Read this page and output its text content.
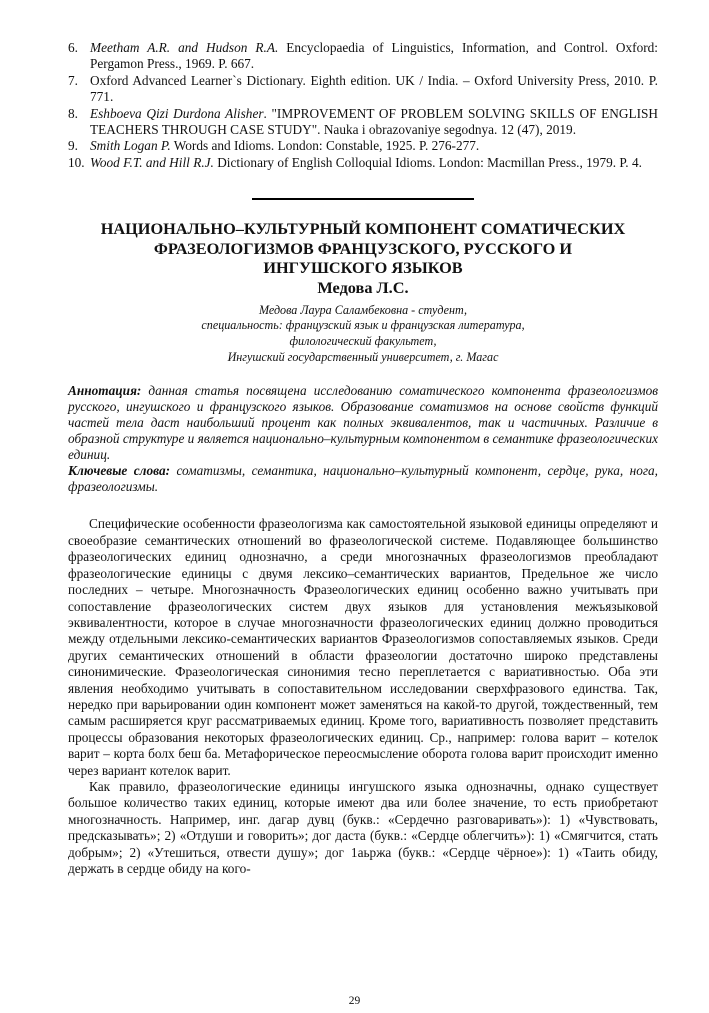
6. Meetham A.R. and Hudson R.A. Encyclopaedia of Linguistics, Information, and Control. Oxford: Pergamon Press., 1969. P. 667.
7. Oxford Advanced Learner`s Dictionary. Eighth edition. UK / India. – Oxford University Press, 2010. P. 771.
8. Eshboeva Qizi Durdona Alisher. "IMPROVEMENT OF PROBLEM SOLVING SKILLS OF ENGLISH TEACHERS THROUGH CASE STUDY". Nauka i obrazovaniye segodnya. 12 (47), 2019.
9. Smith Logan P. Words and Idioms. London: Constable, 1925. P. 276-277.
10. Wood F.T. and Hill R.J. Dictionary of English Colloquial Idioms. London: Macmillan Press., 1979. P. 4.
НАЦИОНАЛЬНО–КУЛЬТУРНЫЙ КОМПОНЕНТ СОМАТИЧЕСКИХ
ФРАЗЕОЛОГИЗМОВ ФРАНЦУЗСКОГО, РУССКОГО И
ИНГУШСКОГО ЯЗЫКОВ
Медова Л.С.
Медова Лаура Саламбековна - студент,
специальность: французский язык и французская литература,
филологический факультет,
Ингушский государственный университет, г. Магас
Аннотация: данная статья посвящена исследованию соматического компонента фразеологизмов русского, ингушского и французского языков. Образование соматизмов на основе свойств функций частей тела даст наибольший процент как полных эквивалентов, так и частичных. Различие в образной структуре и является национально–культурным компонентом в семантике фразеологических единиц.
Ключевые слова: соматизмы, семантика, национально–культурный компонент, сердце, рука, нога, фразеологизмы.

Специфические особенности фразеологизма как самостоятельной языковой единицы определяют и своеобразие семантических отношений во фразеологической системе. Подавляющее большинство фразеологических единиц однозначно, а среди многозначных фразеологизмов преобладают фразеологические единицы с двумя лексико–семантических вариантов, Предельное же число последних – четыре. Многозначность Фразеологических единиц особенно важно учитывать при сопоставление фразеологических систем двух языков для установления межъязыковой эквивалентности, которое в случае многозначности фразеологических единиц должно проводиться между отдельными лексико-семантических вариантов Фразеологизмов сопоставляемых языков. Среди других семантических отношений в области фразеологии достаточно широко представлены синонимические. Фразеологическая синонимия тесно переплетается с вариативностью. Оба эти явления необходимо учитывать в сопоставительном исследовании сверхфразового единства. Так, нередко при варьировании один компонент может заменяться на какой-то другой, тождественный, тем самым расширяется круг рассматриваемых единиц. Кроме того, вариативность позволяет представить процессы образования некоторых фразеологических единиц. Ср., например: голова варит – котелок варит – корта болх беш ба. Метафорическое переосмысление оборота голова варит происходит именно через вариант котелок варит.

Как правило, фразеологические единицы ингушского языка однозначны, однако существует большое количество таких единиц, которые имеют два или более значение, то есть приобретают многозначность. Например, инг. дагар дувц (букв.: «Сердечно разговаривать»): 1) «Чувствовать, предсказывать»; 2) «Отдуши и говорить»; дог даста (букв.: «Сердце облегчить»): 1) «Смягчится, стать добрым»; 2) «Утешиться, отвести душу»; дог 1аьржа (букв.: «Сердце чёрное»): 1) «Таить обиду, держать в сердце обиду на кого-

29
